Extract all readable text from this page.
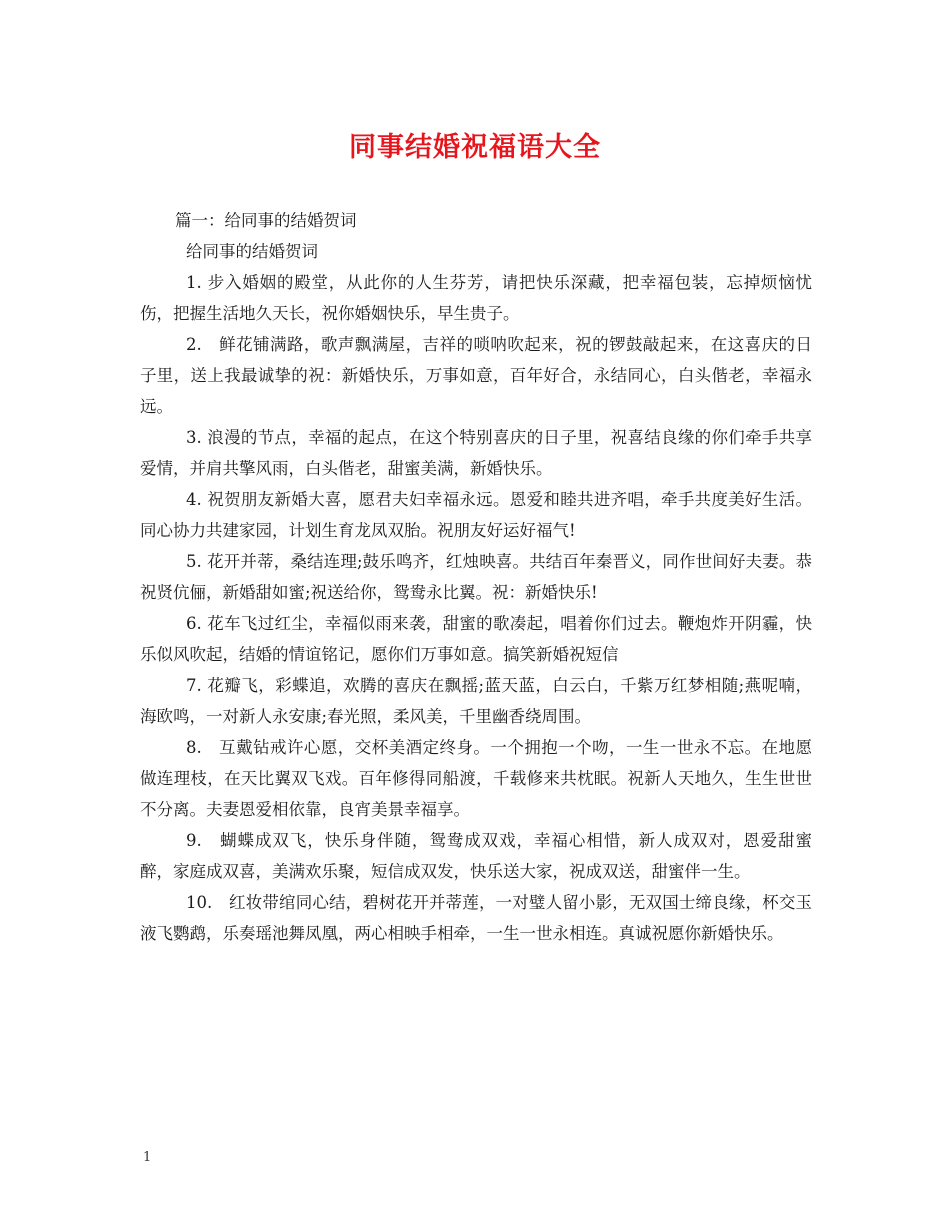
同事结婚祝福语大全

篇一：给同事的结婚贺词

给同事的结婚贺词

1. 步入婚姻的殿堂，从此你的人生芬芳，请把快乐深藏，把幸福包装，忘掉烦恼忧伤，把握生活地久天长，祝你婚姻快乐，早生贵子。

2.　鲜花铺满路，歌声飘满屋，吉祥的唢呐吹起来，祝的锣鼓敲起来，在这喜庆的日子里，送上我最诚挚的祝：新婚快乐，万事如意，百年好合，永结同心，白头偕老，幸福永远。

3. 浪漫的节点，幸福的起点，在这个特别喜庆的日子里，祝喜结良缘的你们牵手共享爱情，并肩共擎风雨，白头偕老，甜蜜美满，新婚快乐。

4. 祝贺朋友新婚大喜，愿君夫妇幸福永远。恩爱和睦共进齐唱，牵手共度美好生活。同心协力共建家园，计划生育龙凤双胎。祝朋友好运好福气!

5. 花开并蒂，桑结连理;鼓乐鸣齐，红烛映喜。共结百年秦晋义，同作世间好夫妻。恭祝贤伉俪，新婚甜如蜜;祝送给你，鸳鸯永比翼。祝：新婚快乐!

6. 花车飞过红尘，幸福似雨来袭，甜蜜的歌凑起，唱着你们过去。鞭炮炸开阴霾，快乐似风吹起，结婚的情谊铭记，愿你们万事如意。搞笑新婚祝短信

7. 花瓣飞，彩蝶追，欢腾的喜庆在飘摇;蓝天蓝，白云白，千紫万红梦相随;燕呢喃，海欧鸣，一对新人永安康;春光照，柔风美，千里幽香绕周围。

8.　互戴钻戒许心愿，交杯美酒定终身。一个拥抱一个吻，一生一世永不忘。在地愿做连理枝，在天比翼双飞戏。百年修得同船渡，千载修来共枕眠。祝新人天地久，生生世世不分离。夫妻恩爱相依靠，良宵美景幸福享。

9.　蝴蝶成双飞，快乐身伴随，鸳鸯成双戏，幸福心相惜，新人成双对，恩爱甜蜜醉，家庭成双喜，美满欢乐聚，短信成双发，快乐送大家，祝成双送，甜蜜伴一生。

10.　红妆带绾同心结，碧树花开并蒂莲，一对璧人留小影，无双国士缔良缘，杯交玉液飞鹦鹉，乐奏瑶池舞凤凰，两心相映手相牵，一生一世永相连。真诚祝愿你新婚快乐。

1
